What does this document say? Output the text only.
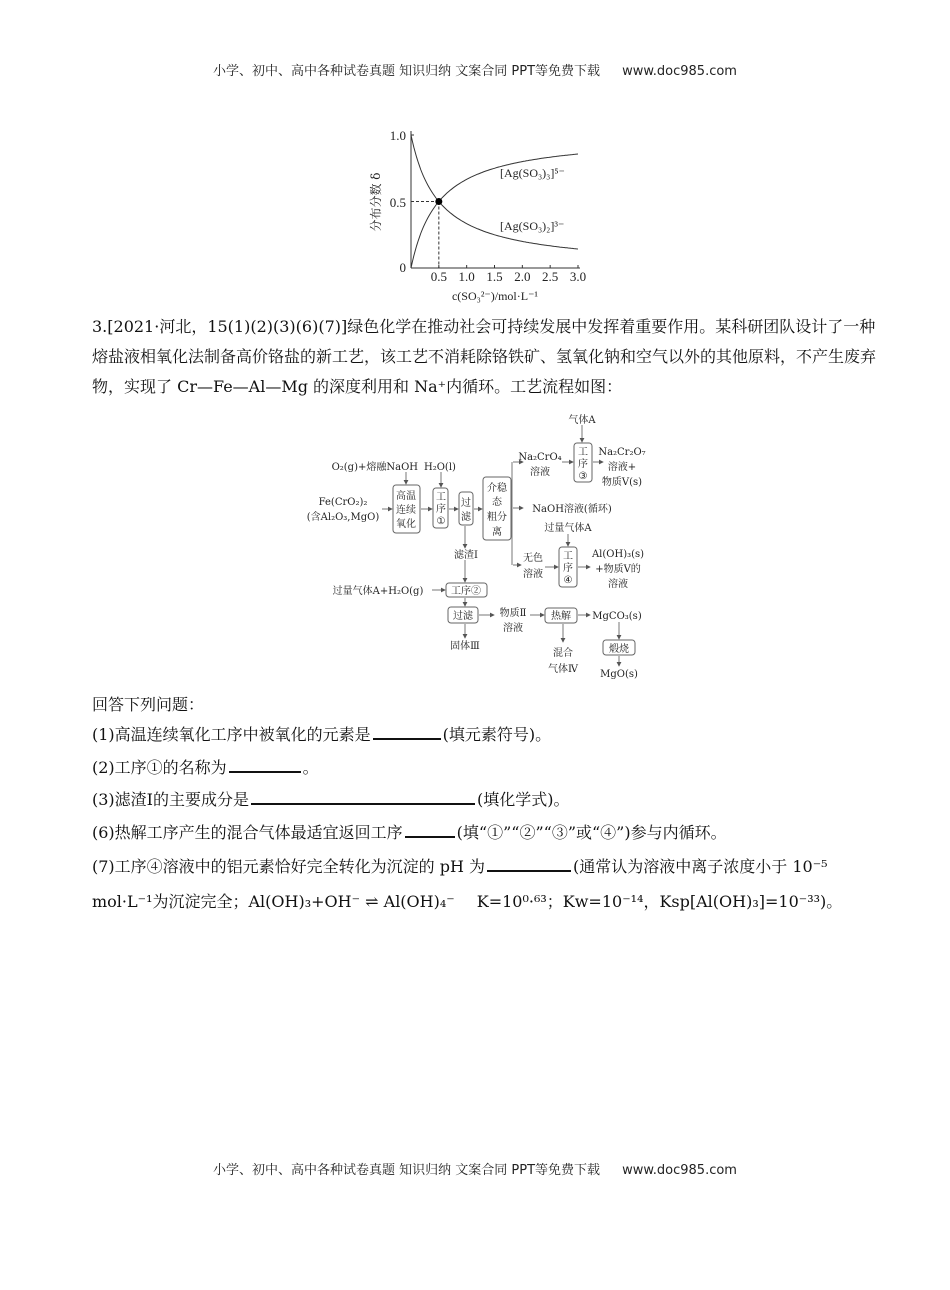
小学、初中、高中各种试卷真题 知识归纳 文案合同 PPT等免费下载 www.doc985.com
1.0
0.5
0
分布分数 δ
0.5 1.0 1.5 2.0 2.5 3.0
c(SO₃²⁻)/mol·L⁻¹
[Ag(SO₃)₃]⁵⁻
[Ag(SO₃)₂]³⁻
3.[2021·河北，15(1)(2)(3)(6)(7)]绿色化学在推动社会可持续发展中发挥着重要作用。某科研团队设计了一种熔盐液相氧化法制备高价铬盐的新工艺，该工艺不消耗除铬铁矿、氢氧化钠和空气以外的其他原料，不产生废弃物，实现了 Cr—Fe—Al—Mg 的深度利用和 Na⁺内循环。工艺流程如图：
气体A
工
序
③
Na₂CrO₄
溶液
Na₂Cr₂O₇
溶液+
物质Ⅴ(s)
O₂(g)+熔融NaOH H₂O(l)
Fe(CrO₂)₂
(含Al₂O₃,MgO)
高温
连续
氧化
工
序
①
过
滤
介稳
态
粗分
离
NaOH溶液(循环)
过量气体A
工
序
④
无色
溶液
Al(OH)₃(s)
+物质Ⅴ的
溶液
滤渣Ⅰ
工序②
过量气体A+H₂O(g)
过滤
固体Ⅲ
物质Ⅱ
溶液
热解 MgCO₃(s)
混合
气体Ⅳ
煅烧
MgO(s)
回答下列问题：
(1)高温连续氧化工序中被氧化的元素是	(填元素符号)。
(2)工序①的名称为	。
(3)滤渣Ⅰ的主要成分是	(填化学式)。
(6)热解工序产生的混合气体最适宜返回工序	(填“①”“②”“③”或“④”)参与内循环。
(7)工序④溶液中的铝元素恰好完全转化为沉淀的 pH 为	(通常认为溶液中离子浓度小于 10⁻⁵
mol·L⁻¹为沉淀完全；Al(OH)₃+OH⁻ ⇌ Al(OH)₄⁻ K=10⁰·⁶³；Kw=10⁻¹⁴，Ksp[Al(OH)₃]=10⁻³³)。
小学、初中、高中各种试卷真题 知识归纳 文案合同 PPT等免费下载 www.doc985.com
